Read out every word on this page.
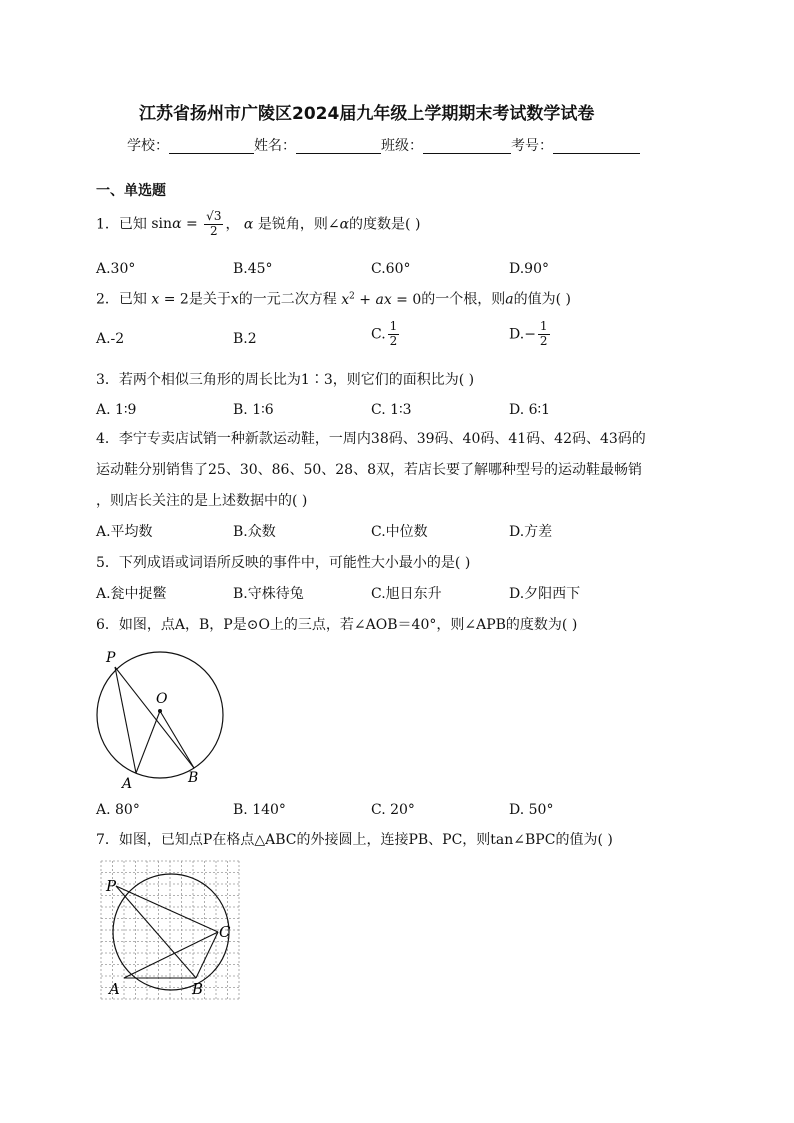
江苏省扬州市广陵区2024届九年级上学期期末考试数学试卷
学校：	姓名：	班级：	考号：
一、单选题
1．已知 $\sin\alpha = \frac{√3}{2}$ ， α 是锐角，则∠α的度数是( )
A.30°	B.45°	C.60°	D.90°
2．已知 x = 2是关于x的一元二次方程 $x^2$ + ax = 0的一个根，则a的值为( )
A.-2	B.2	C. $\frac{1}{2}$	$D.- \frac{1}{2}$
3．若两个相似三角形的周长比为1∶3，则它们的面积比为( )
A. 1∶9	B. 1∶6	C. 1∶3	D. 6∶1
4．李宁专卖店试销一种新款运动鞋，一周内38码、39码、40码、41码、42码、43码的
运动鞋分别销售了25、30、86、50、28、8双，若店长要了解哪种型号的运动鞋最畅销
，则店长关注的是上述数据中的( )
A.平均数	B.众数	C.中位数	D.方差
5．下列成语或词语所反映的事件中，可能性大小最小的是( )
A.瓮中捉鳖	B.守株待兔	C.旭日东升	D.夕阳西下
6．如图，点A，B，P是⊙O上的三点，若∠AOB＝40°，则∠APB的度数为( )
P
O
A	B
A. 80°	B. 140°	C. 20°	D. 50°
7．如图，已知点P在格点△ABC的外接圆上，连接PB、PC，则tan∠BPC的值为( )
P
C
A	B
